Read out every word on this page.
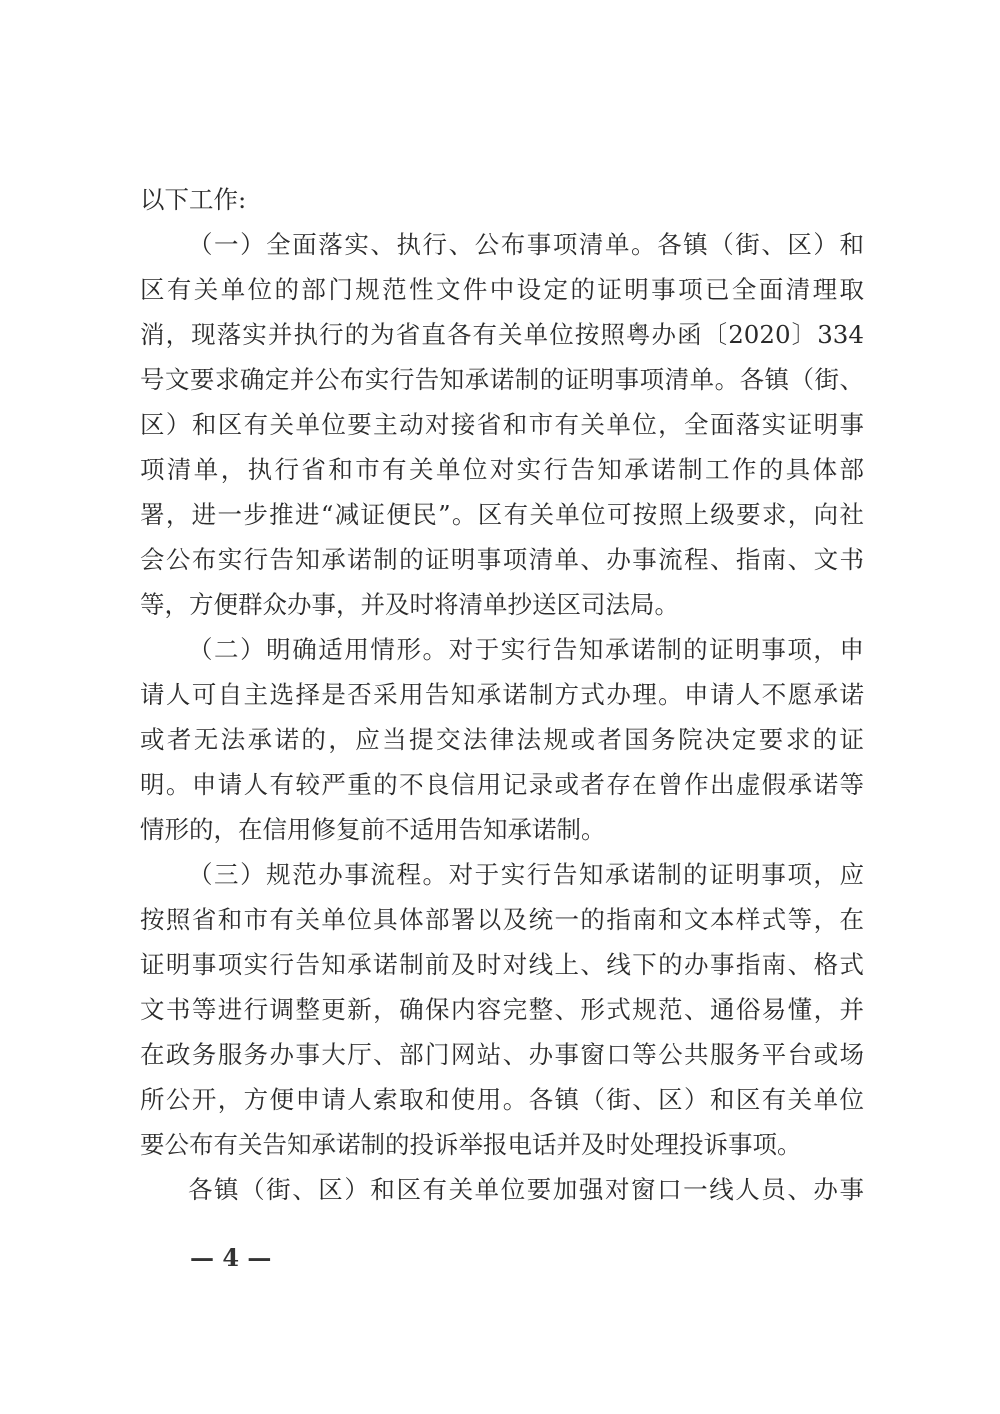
以下工作:
（一）全面落实、执行、公布事项清单。各镇（街、区）和
区有关单位的部门规范性文件中设定的证明事项已全面清理取
消，现落实并执行的为省直各有关单位按照粤办函〔2020〕334
号文要求确定并公布实行告知承诺制的证明事项清单。各镇（街、
区）和区有关单位要主动对接省和市有关单位，全面落实证明事
项清单，执行省和市有关单位对实行告知承诺制工作的具体部
署，进一步推进“减证便民”。区有关单位可按照上级要求，向社
会公布实行告知承诺制的证明事项清单、办事流程、指南、文书
等，方便群众办事，并及时将清单抄送区司法局。
（二）明确适用情形。对于实行告知承诺制的证明事项，申
请人可自主选择是否采用告知承诺制方式办理。申请人不愿承诺
或者无法承诺的，应当提交法律法规或者国务院决定要求的证
明。申请人有较严重的不良信用记录或者存在曾作出虚假承诺等
情形的，在信用修复前不适用告知承诺制。
（三）规范办事流程。对于实行告知承诺制的证明事项，应
按照省和市有关单位具体部署以及统一的指南和文本样式等，在
证明事项实行告知承诺制前及时对线上、线下的办事指南、格式
文书等进行调整更新，确保内容完整、形式规范、通俗易懂，并
在政务服务办事大厅、部门网站、办事窗口等公共服务平台或场
所公开，方便申请人索取和使用。各镇（街、区）和区有关单位
要公布有关告知承诺制的投诉举报电话并及时处理投诉事项。
各镇（街、区）和区有关单位要加强对窗口一线人员、办事
— 4 —
